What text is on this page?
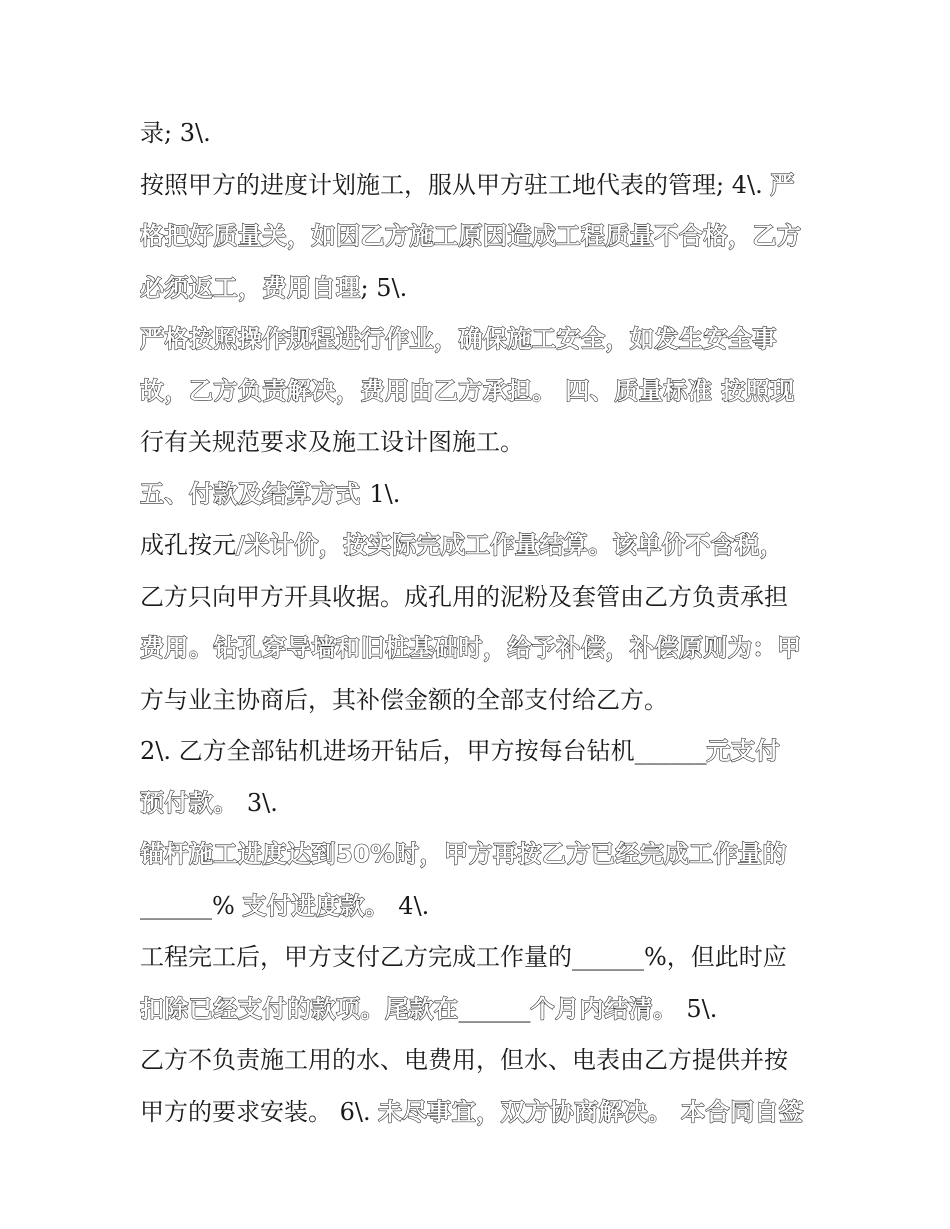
录; 3\.
按照甲方的进度计划施工，服从甲方驻工地代表的管理; 4\. 严
格把好质量关，如因乙方施工原因造成工程质量不合格，乙方
必须返工，费用自理; 5\.
严格按照操作规程进行作业，确保施工安全，如发生安全事
故，乙方负责解决，费用由乙方承担。 四、质量标准 按照现
行有关规范要求及施工设计图施工。
五、付款及结算方式 1\.
成孔按元/米计价，按实际完成工作量结算。该单价不含税，
乙方只向甲方开具收据。成孔用的泥粉及套管由乙方负责承担
费用。钻孔穿导墙和旧桩基础时，给予补偿，补偿原则为：甲
方与业主协商后，其补偿金额的全部支付给乙方。
2\. 乙方全部钻机进场开钻后，甲方按每台钻机______元支付
预付款。 3\.
锚杆施工进度达到50%时，甲方再按乙方已经完成工作量的
______% 支付进度款。 4\.
工程完工后，甲方支付乙方完成工作量的______%，但此时应
扣除已经支付的款项。尾款在______个月内结清。 5\.
乙方不负责施工用的水、电费用，但水、电表由乙方提供并按
甲方的要求安装。 6\. 未尽事宜，双方协商解决。 本合同自签
